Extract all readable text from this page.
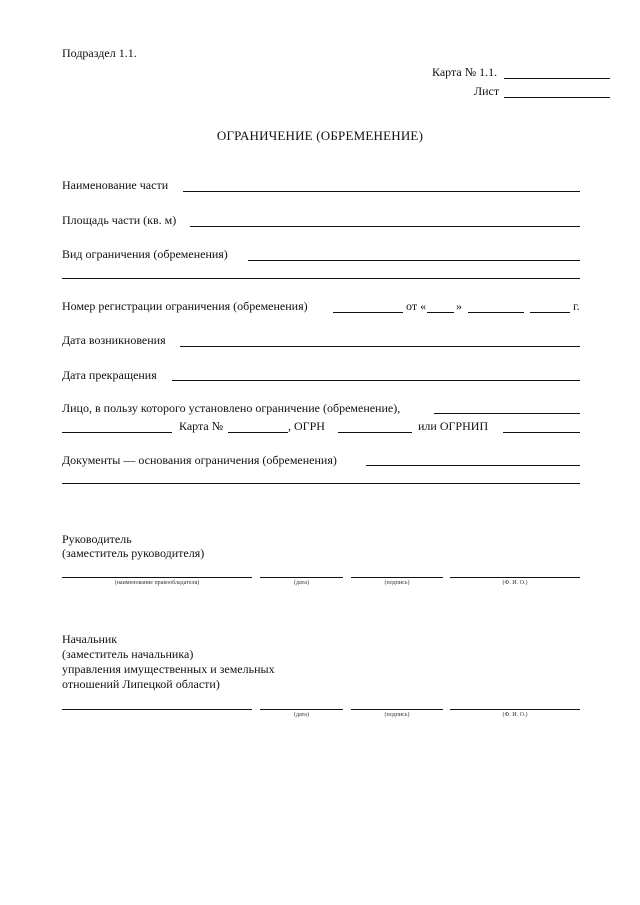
Подраздел 1.1.
Карта № 1.1.
Лист
ОГРАНИЧЕНИЕ (ОБРЕМЕНЕНИЕ)
Наименование части
Площадь части (кв. м)
Вид ограничения (обременения)
Номер регистрации ограничения (обременения)	от « »	г.
Дата возникновения
Дата прекращения
Лицо, в пользу которого установлено ограничение (обременение),
Карта №	, ОГРН	или ОГРНИП
Документы — основания ограничения (обременения)
Руководитель
(заместитель руководителя)
(наименование правообладателя)	(дата)	(подпись)	(Ф. И. О.)
Начальник
(заместитель начальника)
управления имущественных и земельных
отношений Липецкой области)
(дата)	(подпись)	(Ф. И. О.)
